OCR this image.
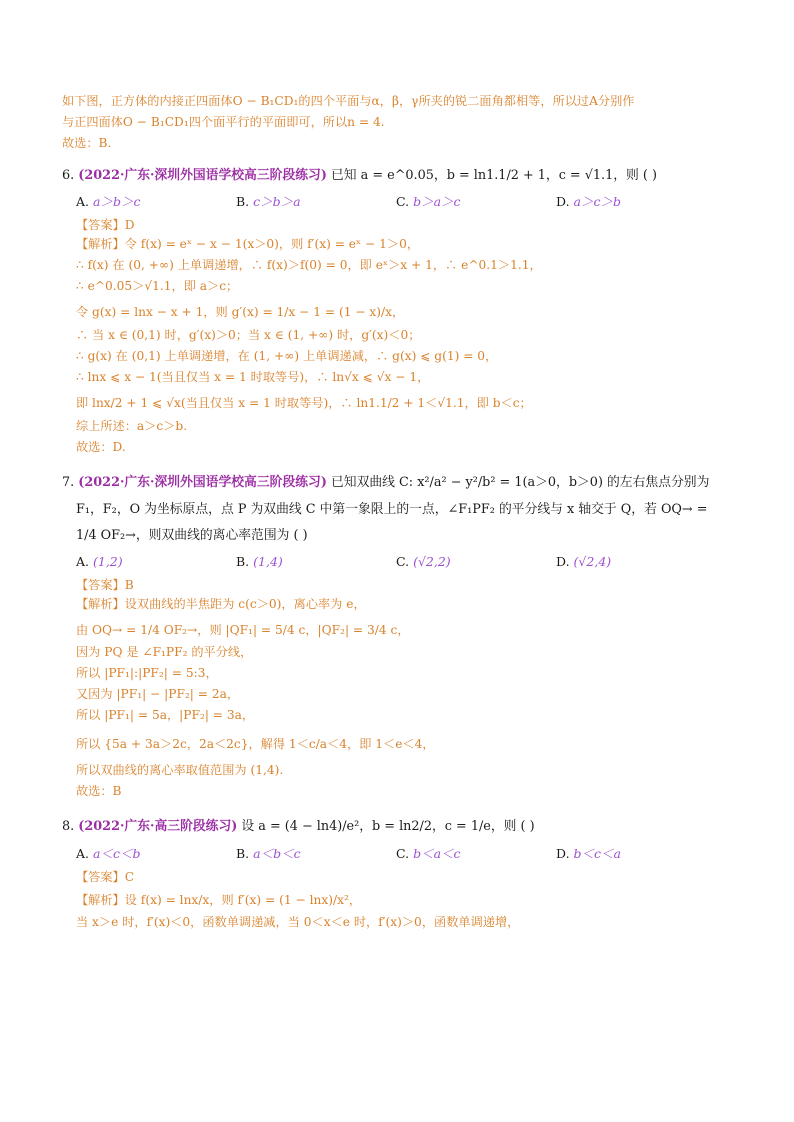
如下图，正方体的内接正四面体O − B₁CD₁的四个平面与α，β，γ所夹的锐二面角都相等，所以过A分别作
与正四面体O − B₁CD₁四个面平行的平面即可，所以n = 4.
故选：B.
6. (2022·广东·深圳外国语学校高三阶段练习) 已知 a = e^0.05，b = ln1.1/2 + 1，c = √1.1，则 ( )
A. a＞b＞c	B. c＞b＞a	C. b＞a＞c	D. a＞c＞b
【答案】D
【解析】令 f(x) = eˣ − x − 1(x＞0)，则 f′(x) = eˣ − 1＞0，
∴ f(x) 在 (0, +∞) 上单调递增，∴ f(x)＞f(0) = 0，即 eˣ＞x + 1，∴ e^0.1＞1.1，
∴ e^0.05＞√1.1，即 a＞c；
令 g(x) = lnx − x + 1，则 g′(x) = 1/x − 1 = (1 − x)/x，
∴ 当 x ∈ (0,1) 时，g′(x)＞0；当 x ∈ (1, +∞) 时，g′(x)＜0；
∴ g(x) 在 (0,1) 上单调递增，在 (1, +∞) 上单调递减，∴ g(x) ⩽ g(1) = 0，
∴ lnx ⩽ x − 1(当且仅当 x = 1 时取等号)，∴ ln√x ⩽ √x − 1，
即 lnx/2 + 1 ⩽ √x(当且仅当 x = 1 时取等号)，∴ ln1.1/2 + 1＜√1.1，即 b＜c；
综上所述：a＞c＞b.
故选：D.
7. (2022·广东·深圳外国语学校高三阶段练习) 已知双曲线 C: x²/a² − y²/b² = 1(a＞0，b＞0) 的左右焦点分别为
F₁，F₂，O 为坐标原点，点 P 为双曲线 C 中第一象限上的一点，∠F₁PF₂ 的平分线与 x 轴交于 Q，若 OQ→ =
1/4 OF₂→，则双曲线的离心率范围为 ( )
A. (1,2)	B. (1,4)	C. (√2,2)	D. (√2,4)
【答案】B
【解析】设双曲线的半焦距为 c(c＞0)，离心率为 e，
由 OQ→ = 1/4 OF₂→，则 |QF₁| = 5/4 c，|QF₂| = 3/4 c，
因为 PQ 是 ∠F₁PF₂ 的平分线，
所以 |PF₁|:|PF₂| = 5:3，
又因为 |PF₁| − |PF₂| = 2a，
所以 |PF₁| = 5a，|PF₂| = 3a，
所以 {5a + 3a＞2c，2a＜2c}，解得 1＜c/a＜4，即 1＜e＜4，
所以双曲线的离心率取值范围为 (1,4).
故选：B
8. (2022·广东·高三阶段练习) 设 a = (4 − ln4)/e²，b = ln2/2，c = 1/e，则 ( )
A. a＜c＜b	B. a＜b＜c	C. b＜a＜c	D. b＜c＜a
【答案】C
【解析】设 f(x) = lnx/x，则 f′(x) = (1 − lnx)/x²，
当 x＞e 时，f′(x)＜0，函数单调递减，当 0＜x＜e 时，f′(x)＞0，函数单调递增，
